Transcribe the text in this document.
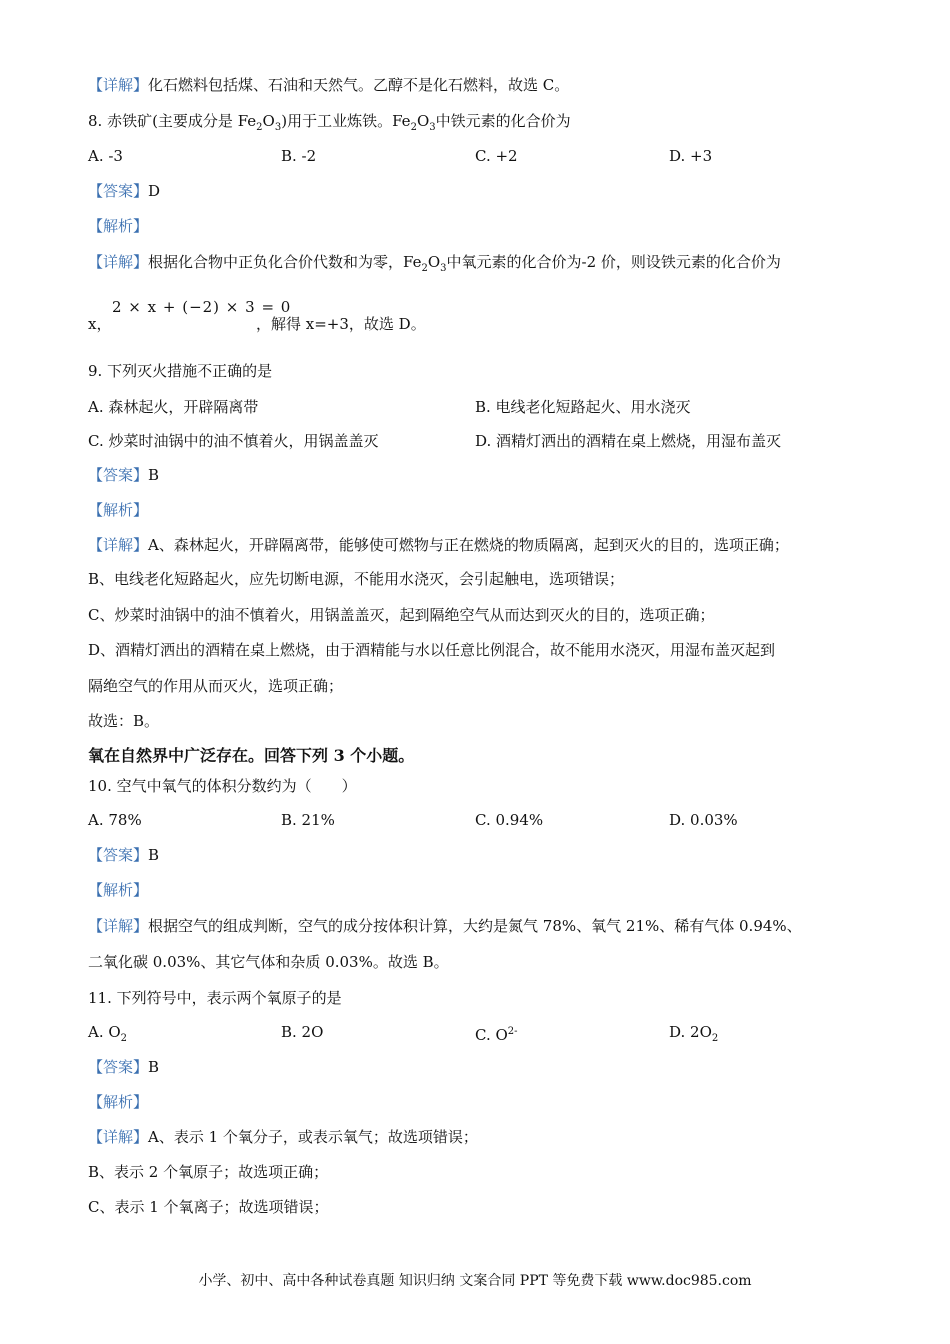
【详解】化石燃料包括煤、石油和天然气。乙醇不是化石燃料，故选 C。
8. 赤铁矿(主要成分是 $Fe_2O_3$)用于工业炼铁。$Fe_2O_3$中铁元素的化合价为
A. -3	B. -2	C. +2	D. +3
【答案】D
【解析】
【详解】根据化合物中正负化合价代数和为零，$Fe_2O_3$中氧元素的化合价为-2 价，则设铁元素的化合价为
2 × x + (−2) × 3 = 0
x，	，解得 x=+3，故选 D。
9. 下列灭火措施不正确的是
A. 森林起火，开辟隔离带	B. 电线老化短路起火、用水浇灭
C. 炒菜时油锅中的油不慎着火，用锅盖盖灭	D. 酒精灯洒出的酒精在桌上燃烧，用湿布盖灭
【答案】B
【解析】
【详解】A、森林起火，开辟隔离带，能够使可燃物与正在燃烧的物质隔离，起到灭火的目的，选项正确；
B、电线老化短路起火，应先切断电源，不能用水浇灭，会引起触电，选项错误；
C、炒菜时油锅中的油不慎着火，用锅盖盖灭，起到隔绝空气从而达到灭火的目的，选项正确；
D、酒精灯洒出的酒精在桌上燃烧，由于酒精能与水以任意比例混合，故不能用水浇灭，用湿布盖灭起到
隔绝空气的作用从而灭火，选项正确；
故选：B。
氧在自然界中广泛存在。回答下列 3 个小题。
10. 空气中氧气的体积分数约为（　　）
A. 78%	B. 21%	C. 0.94%	D. 0.03%
【答案】B
【解析】
【详解】根据空气的组成判断，空气的成分按体积计算，大约是氮气 78%、氧气 21%、稀有气体 0.94%、
二氧化碳 0.03%、其它气体和杂质 0.03%。故选 B。
11. 下列符号中，表示两个氧原子的是
A. $O_2$	B. 2O	C. $O^{2-}$	D. $2O_2$
【答案】B
【解析】
【详解】A、表示 1 个氧分子，或表示氧气；故选项错误；
B、表示 2 个氧原子；故选项正确；
C、表示 1 个氧离子；故选项错误；
小学、初中、高中各种试卷真题 知识归纳 文案合同 PPT 等免费下载 www.doc985.com
